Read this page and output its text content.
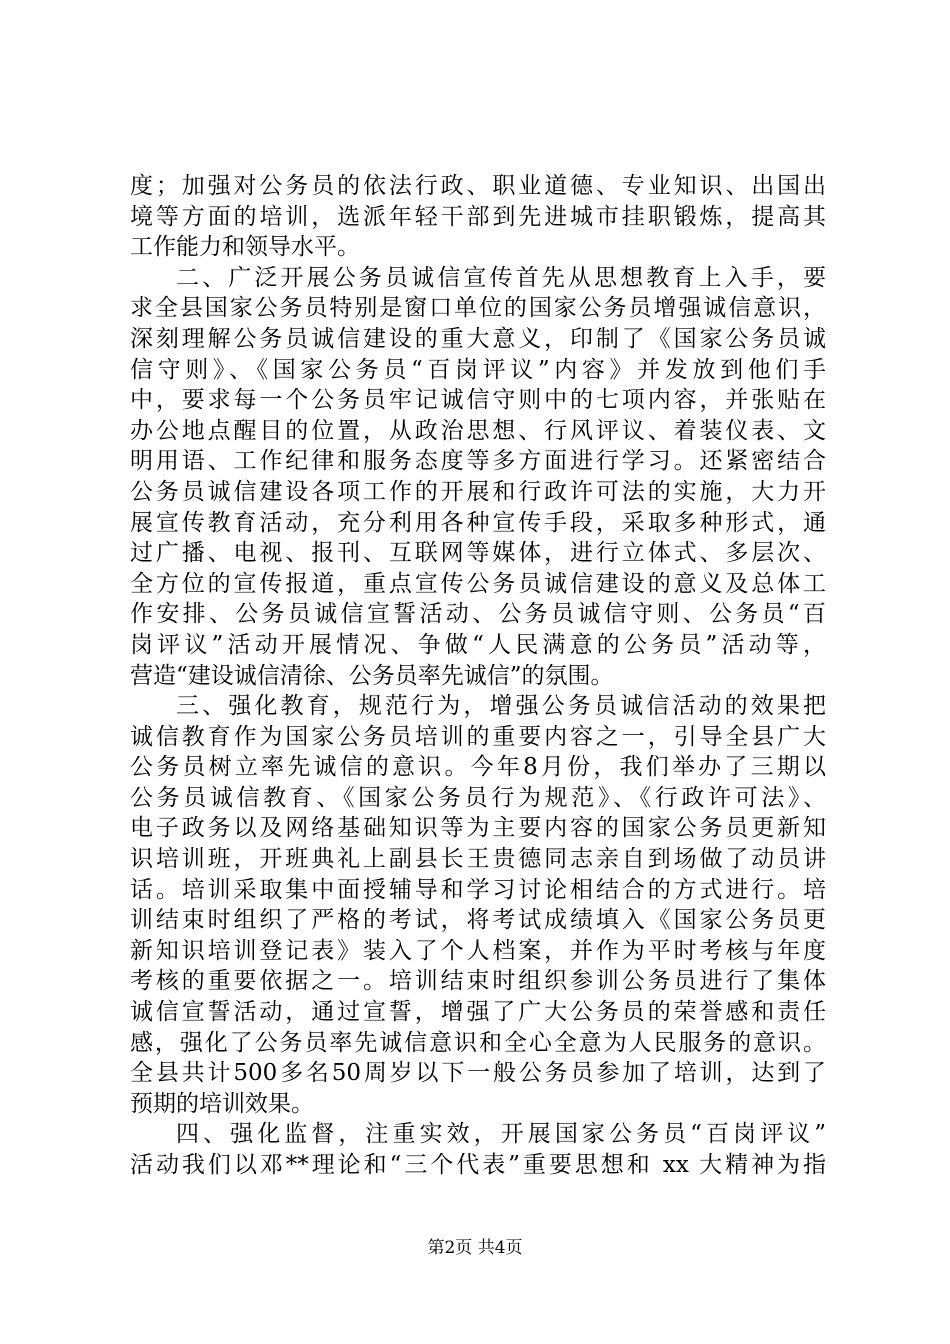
度；加强对公务员的依法行政、职业道德、专业知识、出国出
境等方面的培训，选派年轻干部到先进城市挂职锻炼，提高其
工作能力和领导水平。
二、广泛开展公务员诚信宣传首先从思想教育上入手，要
求全县国家公务员特别是窗口单位的国家公务员增强诚信意识，
深刻理解公务员诚信建设的重大意义，印制了《国家公务员诚
信守则》、《国家公务员“百岗评议”内容》并发放到他们手
中，要求每一个公务员牢记诚信守则中的七项内容，并张贴在
办公地点醒目的位置，从政治思想、行风评议、着装仪表、文
明用语、工作纪律和服务态度等多方面进行学习。还紧密结合
公务员诚信建设各项工作的开展和行政许可法的实施，大力开
展宣传教育活动，充分利用各种宣传手段，采取多种形式，通
过广播、电视、报刊、互联网等媒体，进行立体式、多层次、
全方位的宣传报道，重点宣传公务员诚信建设的意义及总体工
作安排、公务员诚信宣誓活动、公务员诚信守则、公务员“百
岗评议”活动开展情况、争做“人民满意的公务员”活动等，
营造“建设诚信清徐、公务员率先诚信”的氛围。
三、强化教育，规范行为，增强公务员诚信活动的效果把
诚信教育作为国家公务员培训的重要内容之一，引导全县广大
公务员树立率先诚信的意识。今年8月份，我们举办了三期以
公务员诚信教育、《国家公务员行为规范》、《行政许可法》、
电子政务以及网络基础知识等为主要内容的国家公务员更新知
识培训班，开班典礼上副县长王贵德同志亲自到场做了动员讲
话。培训采取集中面授辅导和学习讨论相结合的方式进行。培
训结束时组织了严格的考试，将考试成绩填入《国家公务员更
新知识培训登记表》装入了个人档案，并作为平时考核与年度
考核的重要依据之一。培训结束时组织参训公务员进行了集体
诚信宣誓活动，通过宣誓，增强了广大公务员的荣誉感和责任
感，强化了公务员率先诚信意识和全心全意为人民服务的意识。
全县共计500多名50周岁以下一般公务员参加了培训，达到了
预期的培训效果。
四、强化监督，注重实效，开展国家公务员“百岗评议”
活动我们以邓**理论和“三个代表”重要思想和 xx 大精神为指
第2页 共4页
